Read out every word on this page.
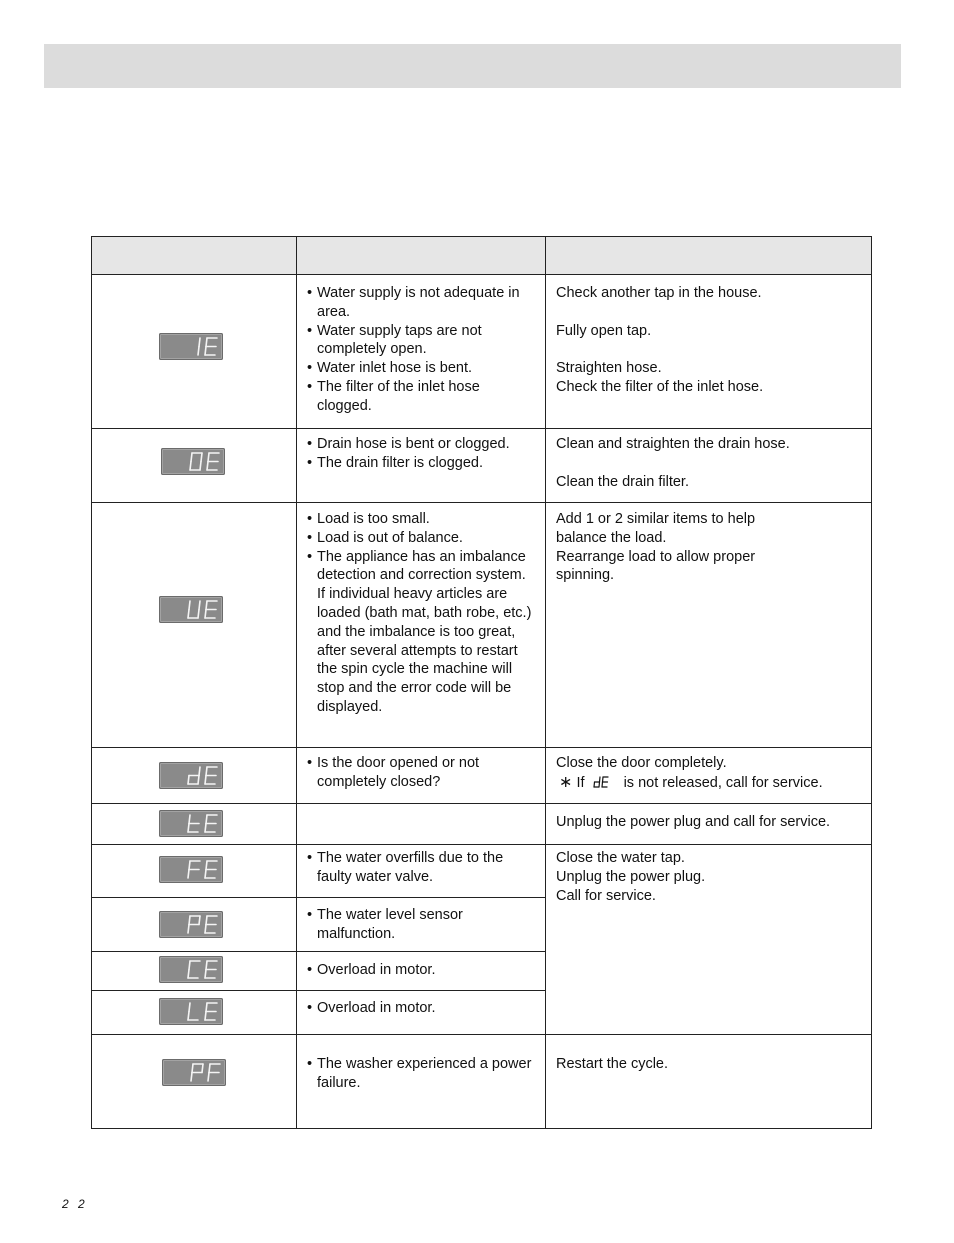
• Water supply is not adequate in area.
• Water supply taps are not completely open.
• Water inlet hose is bent.
• The filter of the inlet hose clogged.

Check another tap in the house.

Fully open tap.

Straighten hose.
Check the filter of the inlet hose.

• Drain hose is bent or clogged.
• The drain filter is clogged.

Clean and straighten the drain hose.

Clean the drain filter.

• Load is too small.
• Load is out of balance.
• The appliance has an imbalance detection and correction system. If individual heavy articles are loaded (bath mat, bath robe, etc.) and the imbalance is too great, after several attempts to restart the spin cycle the machine will stop and the error code will be displayed.

Add 1 or 2 similar items to help
balance the load.
Rearrange load to allow proper
spinning.

• Is the door opened or not completely closed?

Close the door completely.

∗ If	is not released, call for service.

Unplug the power plug and call for service.

• The water overfills due to the faulty water valve.

Close the water tap.
Unplug the power plug.
Call for service.

• The water level sensor malfunction.
• Overload in motor.
• Overload in motor.
• The washer experienced a power failure.

Restart the cycle.

2 2
